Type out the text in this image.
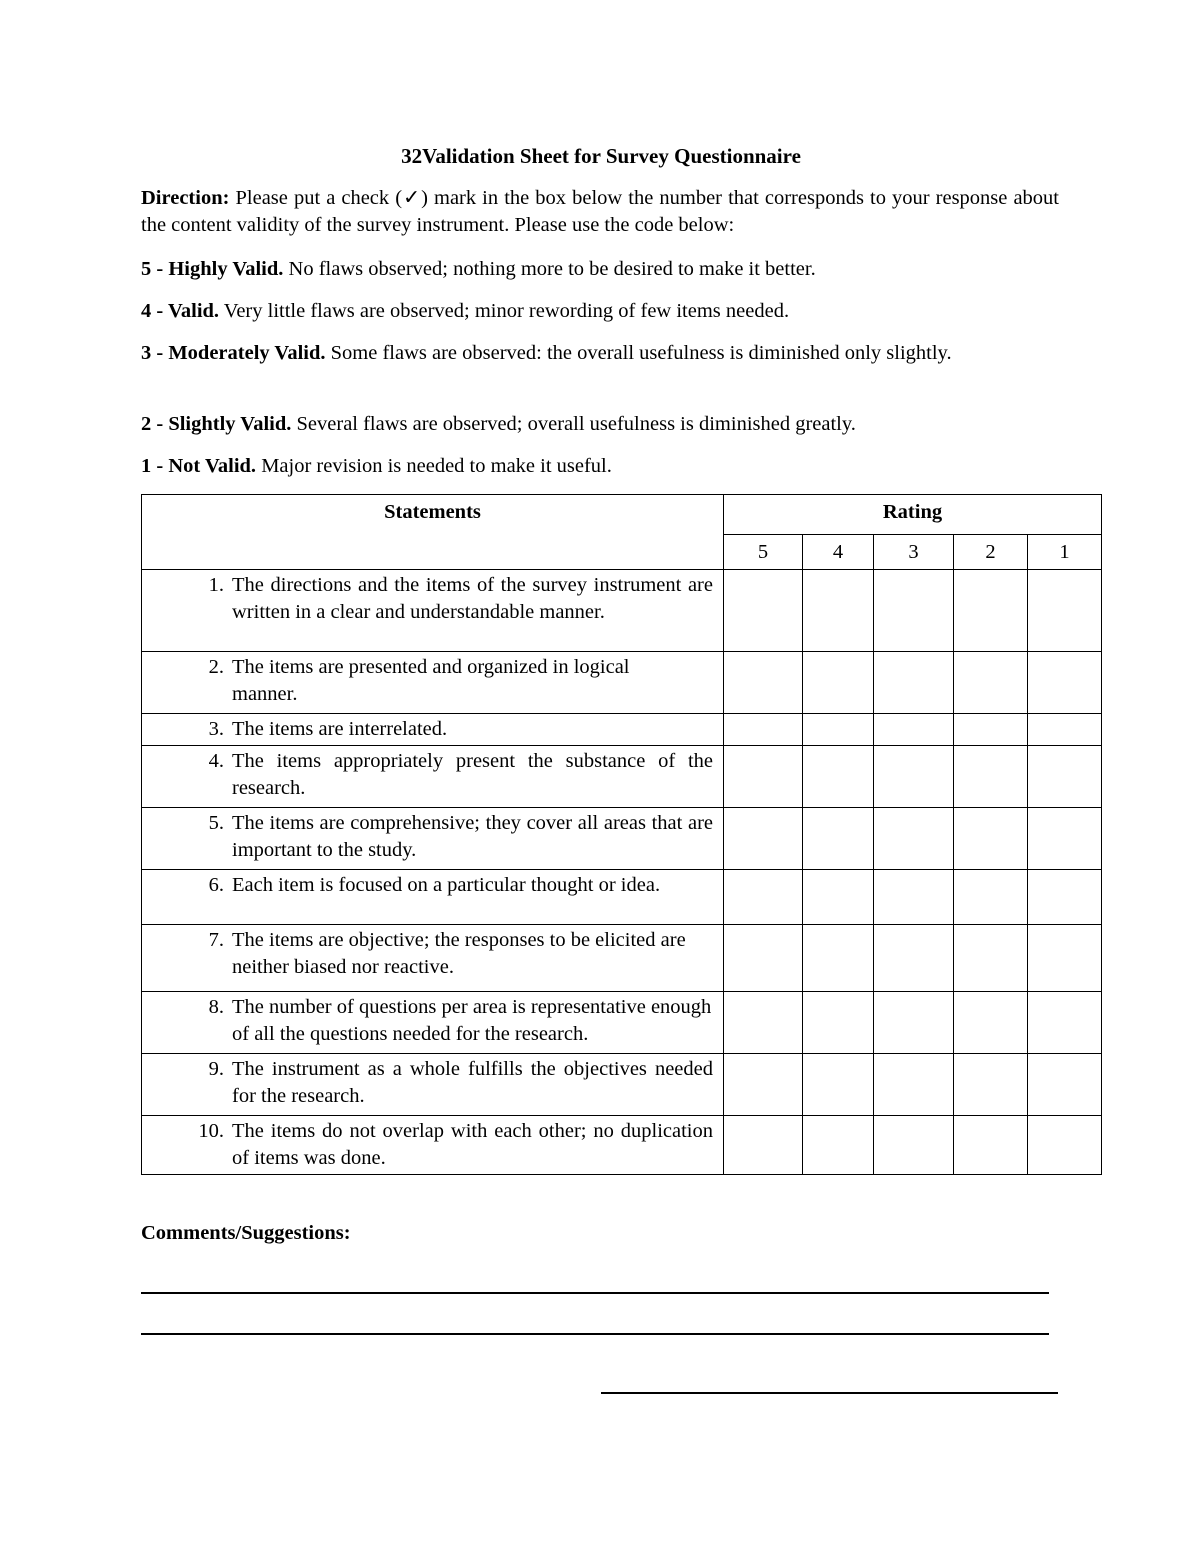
32Validation Sheet for Survey Questionnaire
Direction: Please put a check (✓) mark in the box below the number that corresponds to your response about the content validity of the survey instrument. Please use the code below:
5 - Highly Valid. No flaws observed; nothing more to be desired to make it better.
4 - Valid. Very little flaws are observed; minor rewording of few items needed.
3 - Moderately Valid. Some flaws are observed: the overall usefulness is diminished only slightly.
2 - Slightly Valid. Several flaws are observed; overall usefulness is diminished greatly.
1 - Not Valid. Major revision is needed to make it useful.
Statements	Rating				
	5	4	3	2	1

1. The directions and the items of the survey instrument are written in a clear and understandable manner.					

2. The items are presented and organized in logical manner.					

3. The items are interrelated.					

4. The items appropriately present the substance of the research.					

5. The items are comprehensive; they cover all areas that are important to the study.					

6. Each item is focused on a particular thought or idea.					

7. The items are objective; the responses to be elicited are neither biased nor reactive.					

8. The number of questions per area is representative enough of all the questions needed for the research.					

9. The instrument as a whole fulfills the objectives needed for the research.					

10. The items do not overlap with each other; no duplication of items was done.					

Comments/Suggestions:
